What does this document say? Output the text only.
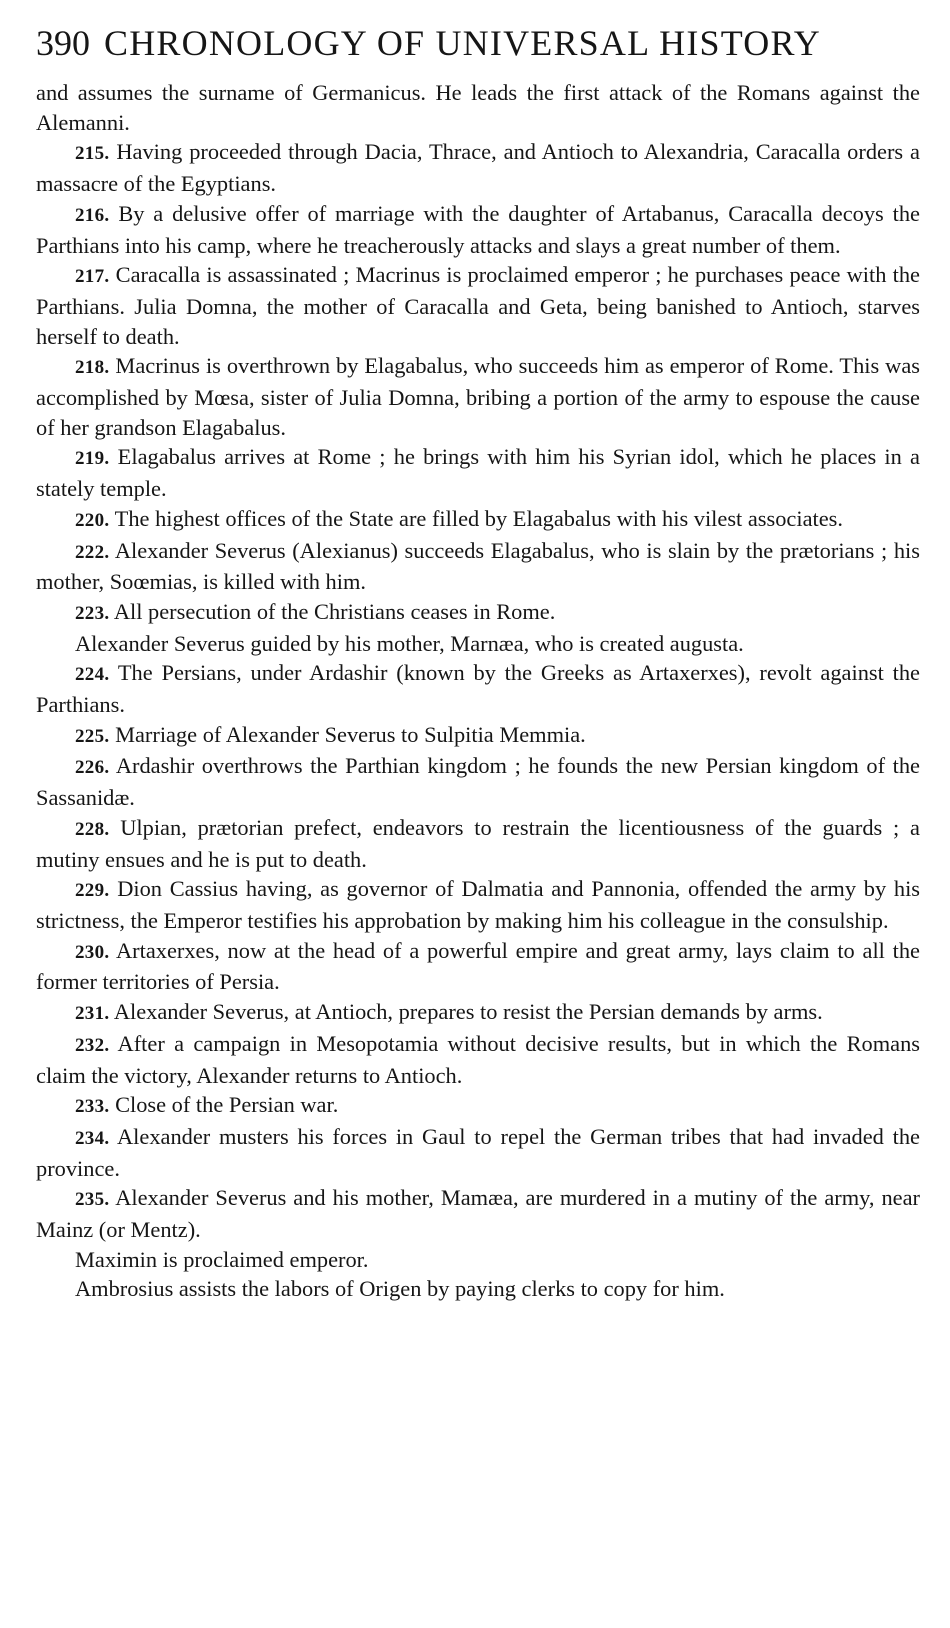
390 CHRONOLOGY OF UNIVERSAL HISTORY

and assumes the surname of Germanicus. He leads the first attack of the Romans against the Alemanni.

215. Having proceeded through Dacia, Thrace, and Antioch to Alexandria, Caracalla orders a massacre of the Egyptians.

216. By a delusive offer of marriage with the daughter of Artabanus, Caracalla decoys the Parthians into his camp, where he treacherously attacks and slays a great number of them.

217. Caracalla is assassinated ; Macrinus is proclaimed emperor ; he purchases peace with the Parthians. Julia Domna, the mother of Caracalla and Geta, being banished to Antioch, starves herself to death.

218. Macrinus is overthrown by Elagabalus, who succeeds him as emperor of Rome. This was accomplished by Mœsa, sister of Julia Domna, bribing a portion of the army to espouse the cause of her grandson Elagabalus.

219. Elagabalus arrives at Rome ; he brings with him his Syrian idol, which he places in a stately temple.

220. The highest offices of the State are filled by Elagabalus with his vilest associates.

222. Alexander Severus (Alexianus) succeeds Elagabalus, who is slain by the prætorians ; his mother, Soœmias, is killed with him.

223. All persecution of the Christians ceases in Rome.

Alexander Severus guided by his mother, Marnæa, who is created augusta.

224. The Persians, under Ardashir (known by the Greeks as Artaxerxes), revolt against the Parthians.

225. Marriage of Alexander Severus to Sulpitia Memmia.

226. Ardashir overthrows the Parthian kingdom ; he founds the new Persian kingdom of the Sassanidæ.

228. Ulpian, prætorian prefect, endeavors to restrain the licentiousness of the guards ; a mutiny ensues and he is put to death.

229. Dion Cassius having, as governor of Dalmatia and Pannonia, offended the army by his strictness, the Emperor testifies his approbation by making him his colleague in the consulship.

230. Artaxerxes, now at the head of a powerful empire and great army, lays claim to all the former territories of Persia.

231. Alexander Severus, at Antioch, prepares to resist the Persian demands by arms.

232. After a campaign in Mesopotamia without decisive results, but in which the Romans claim the victory, Alexander returns to Antioch.

233. Close of the Persian war.

234. Alexander musters his forces in Gaul to repel the German tribes that had invaded the province.

235. Alexander Severus and his mother, Mamæa, are murdered in a mutiny of the army, near Mainz (or Mentz).

Maximin is proclaimed emperor.

Ambrosius assists the labors of Origen by paying clerks to copy for him.
